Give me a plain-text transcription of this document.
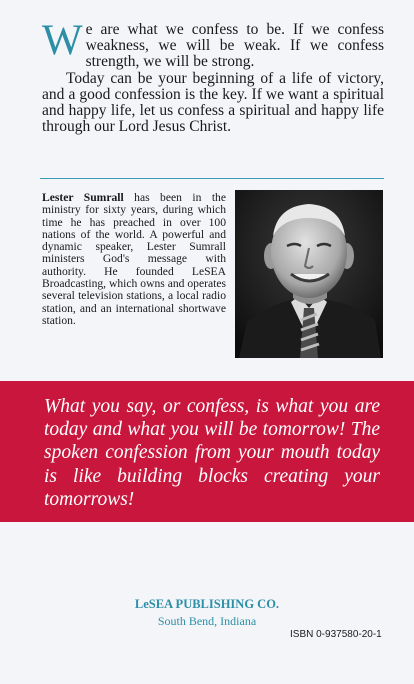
We are what we confess to be. If we confess weakness, we will be weak. If we confess strength, we will be strong.

Today can be your beginning of a life of victory, and a good confession is the key. If we want a spiritual and happy life, let us confess a spiritual and happy life through our Lord Jesus Christ.

Lester Sumrall has been in the ministry for sixty years, during which time he has preached in over 100 nations of the world. A powerful and dynamic speaker, Lester Sumrall ministers God's message with authority. He founded LeSEA Broadcasting, which owns and operates several television stations, a local radio station, and an international shortwave station.
What you say, or confess, is what you are today and what you will be tomorrow! The spoken confession from your mouth today is like building blocks creating your tomorrows!
LeSEA PUBLISHING CO.
South Bend, Indiana
ISBN 0-937580-20-1
